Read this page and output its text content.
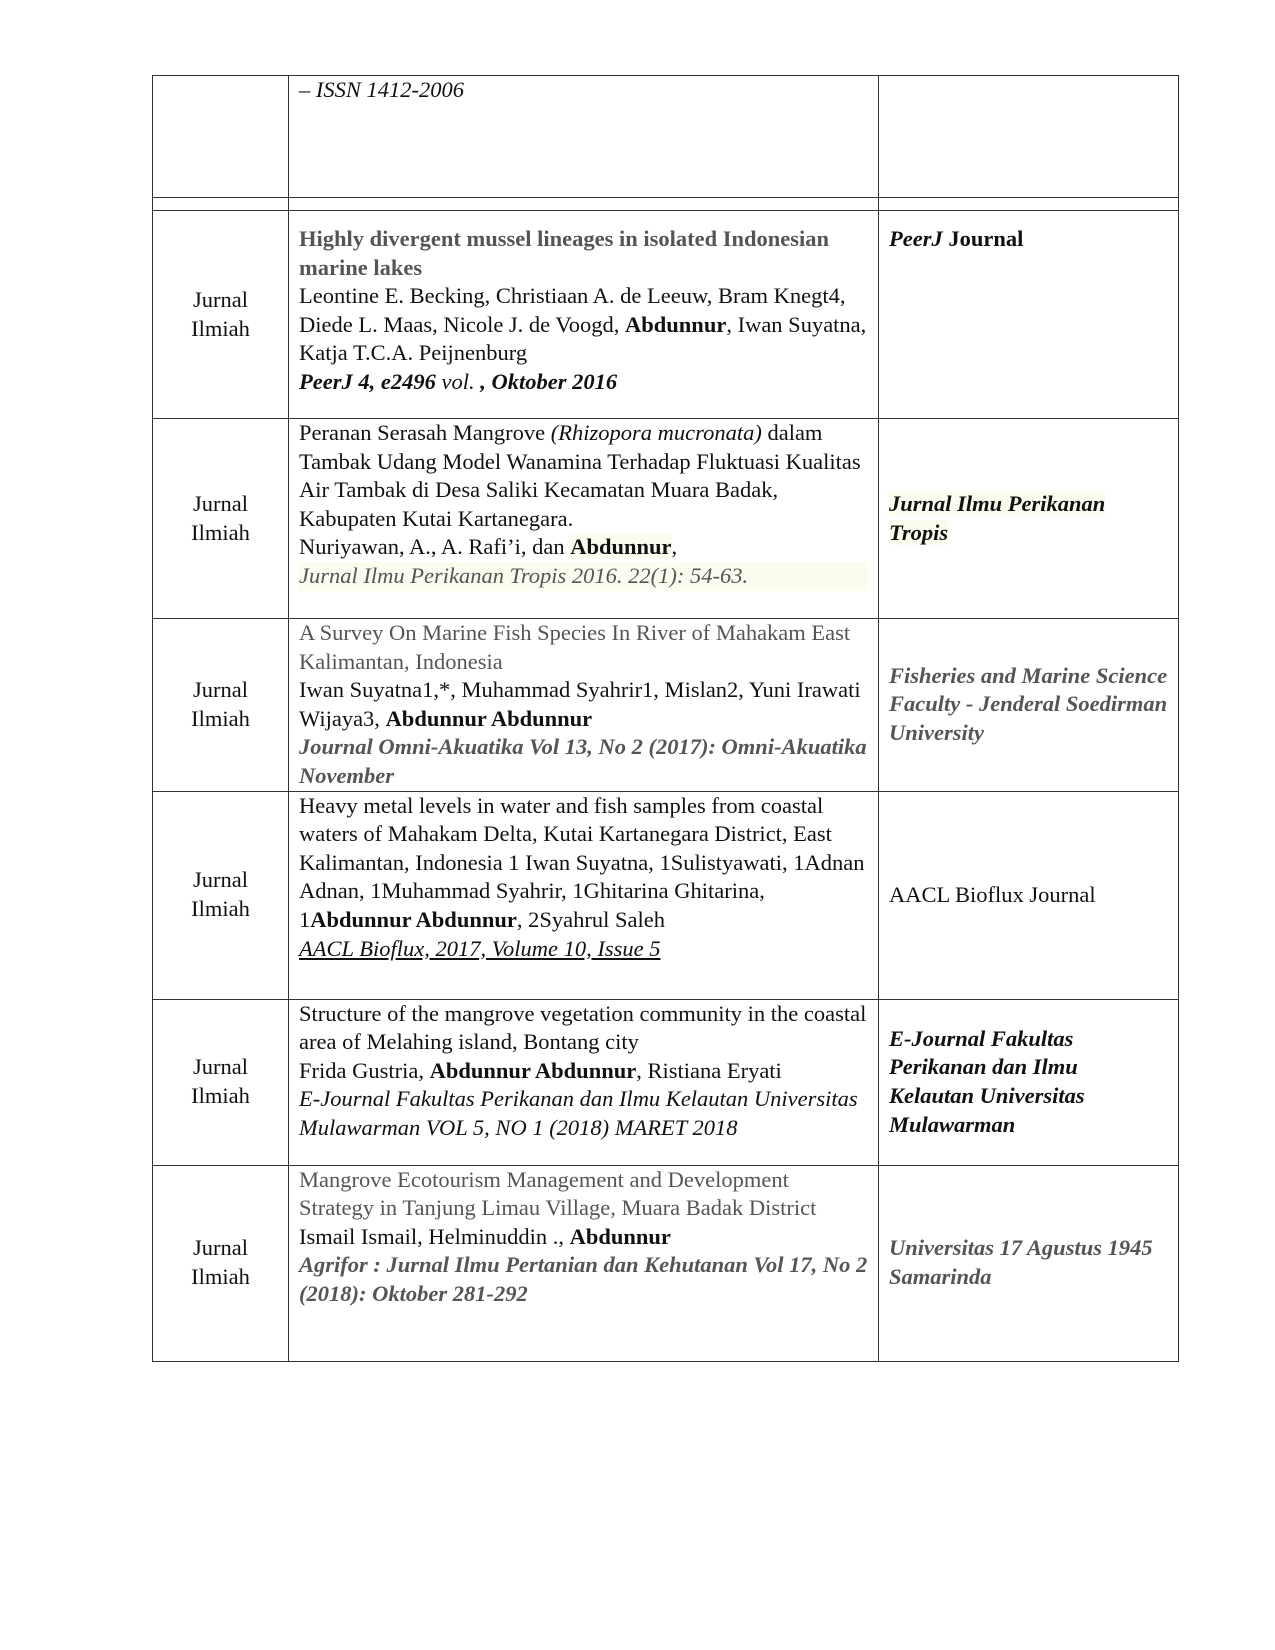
	– ISSN 1412-2006	

Jurnal Ilmiah	Highly divergent mussel lineages in isolated Indonesian marine lakes
Leontine E. Becking, Christiaan A. de Leeuw, Bram Knegt4, Diede L. Maas, Nicole J. de Voogd, Abdunnur, Iwan Suyatna, Katja T.C.A. Peijnenburg
PeerJ 4, e2496 vol. , Oktober 2016	PeerJ Journal
Jurnal Ilmiah	Peranan Serasah Mangrove (Rhizopora mucronata) dalam Tambak Udang Model Wanamina Terhadap Fluktuasi Kualitas Air Tambak di Desa Saliki Kecamatan Muara Badak, Kabupaten Kutai Kartanegara.
Nuriyawan, A., A. Rafi’i, dan Abdunnur,
Jurnal Ilmu Perikanan Tropis 2016. 22(1): 54-63.	Jurnal Ilmu Perikanan Tropis
Jurnal Ilmiah	A Survey On Marine Fish Species In River of Mahakam East Kalimantan, Indonesia
Iwan Suyatna1,*, Muhammad Syahrir1, Mislan2, Yuni Irawati Wijaya3, Abdunnur Abdunnur
Journal Omni-Akuatika Vol 13, No 2 (2017): Omni-Akuatika November	Fisheries and Marine Science Faculty - Jenderal Soedirman University
Jurnal Ilmiah	Heavy metal levels in water and fish samples from coastal waters of Mahakam Delta, Kutai Kartanegara District, East Kalimantan, Indonesia 1 Iwan Suyatna, 1Sulistyawati, 1Adnan Adnan, 1Muhammad Syahrir, 1Ghitarina Ghitarina, 1Abdunnur Abdunnur, 2Syahrul Saleh
AACL Bioflux, 2017, Volume 10, Issue 5	AACL Bioflux Journal
Jurnal Ilmiah	Structure of the mangrove vegetation community in the coastal area of Melahing island, Bontang city
Frida Gustria, Abdunnur Abdunnur, Ristiana Eryati
E-Journal Fakultas Perikanan dan Ilmu Kelautan Universitas Mulawarman VOL 5, NO 1 (2018) MARET 2018	E-Journal Fakultas Perikanan dan Ilmu Kelautan Universitas Mulawarman
Jurnal Ilmiah	Mangrove Ecotourism Management and Development Strategy in Tanjung Limau Village, Muara Badak District
Ismail Ismail, Helminuddin ., Abdunnur
Agrifor : Jurnal Ilmu Pertanian dan Kehutanan Vol 17, No 2 (2018): Oktober 281-292	Universitas 17 Agustus 1945 Samarinda
